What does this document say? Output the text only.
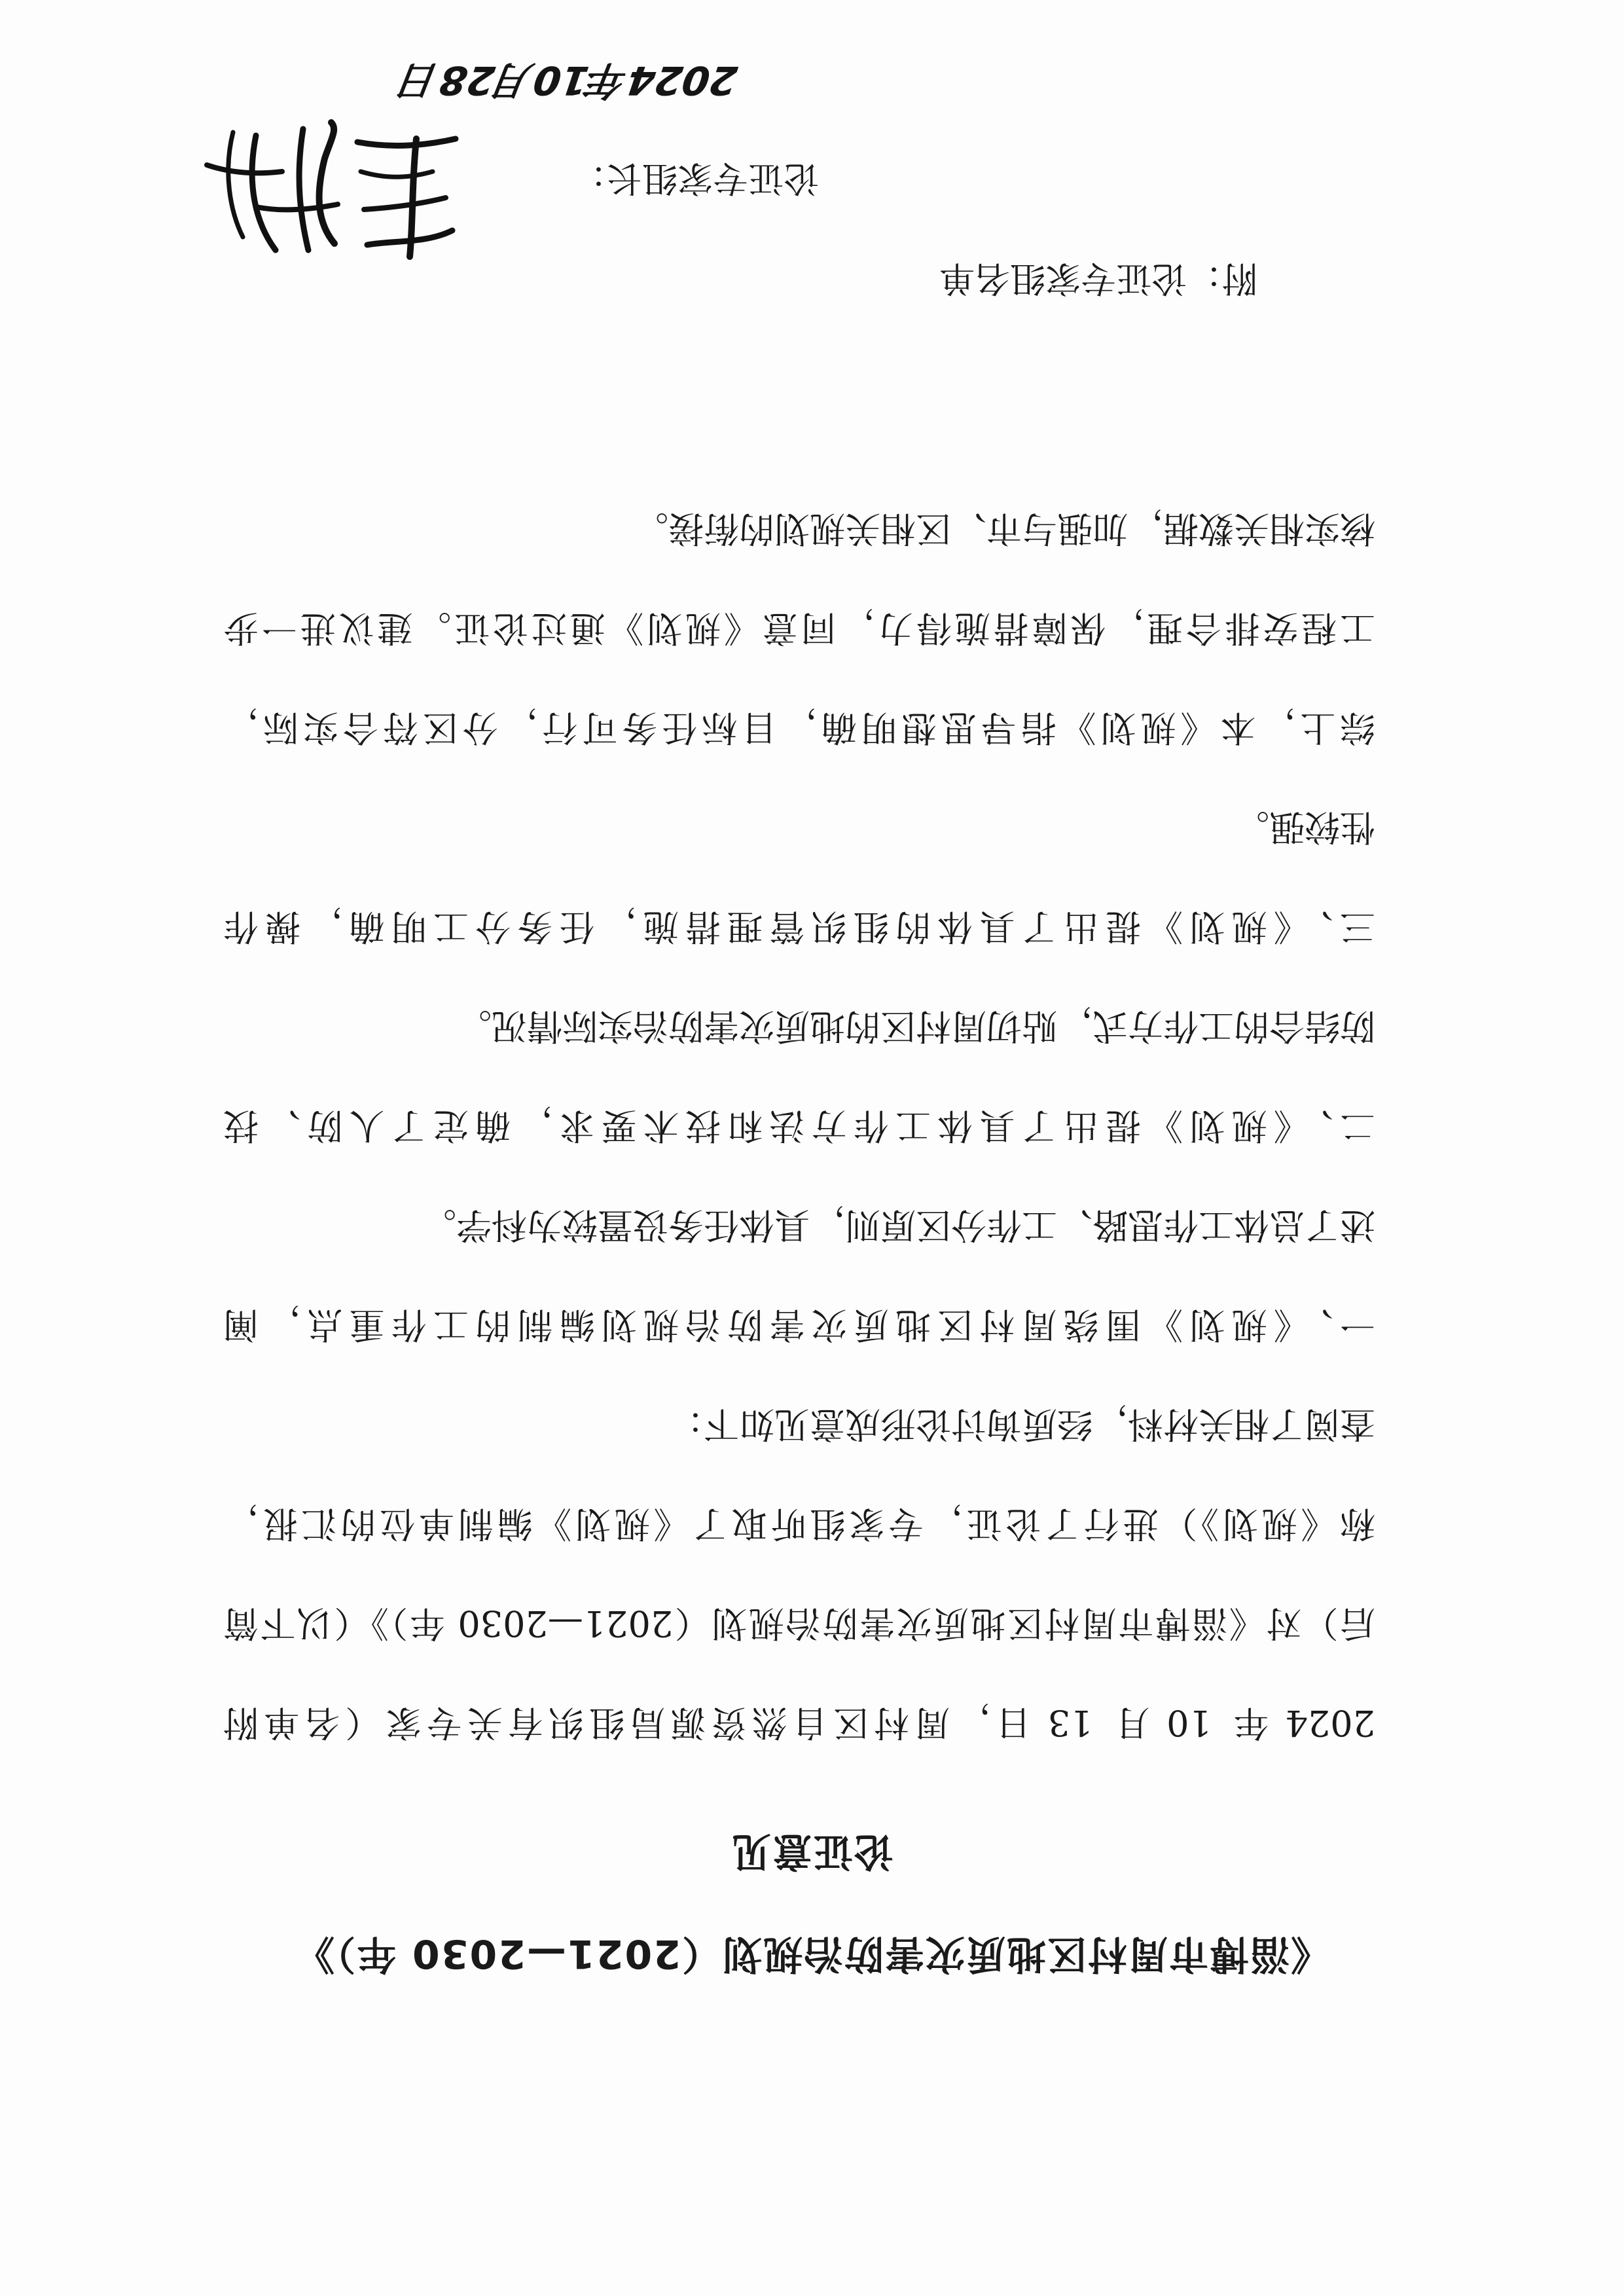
《淄博市周村区地质灾害防治规划（2021—2030 年）》
论证意见
2024 年 10 月 13 日，周村区自然资源局组织有关专家（名单附
后）对《淄博市周村区地质灾害防治规划（2021—2030 年）》（以下简
称《规划》）进行了论证，专家组听取了《规划》编制单位的汇报，
查阅了相关材料，经质询讨论形成意见如下：
一、《规划》围绕周村区地质灾害防治规划编制的工作重点，阐
述了总体工作思路、工作分区原则，具体任务设置较为科学。
二、《规划》提出了具体工作方法和技术要求，确定了人防、技
防结合的工作方式，贴切周村区的地质灾害防治实际情况。
三、《规划》提出了具体的组织管理措施，任务分工明确，操作
性较强。
综上，本《规划》指导思想明确，目标任务可行，分区符合实际，
工程安排合理，保障措施得力，同意《规划》通过论证。建议进一步
核实相关数据，加强与市、区相关规划的衔接。
附：论证专家组名单
论证专家组长：
2024年10月28日
